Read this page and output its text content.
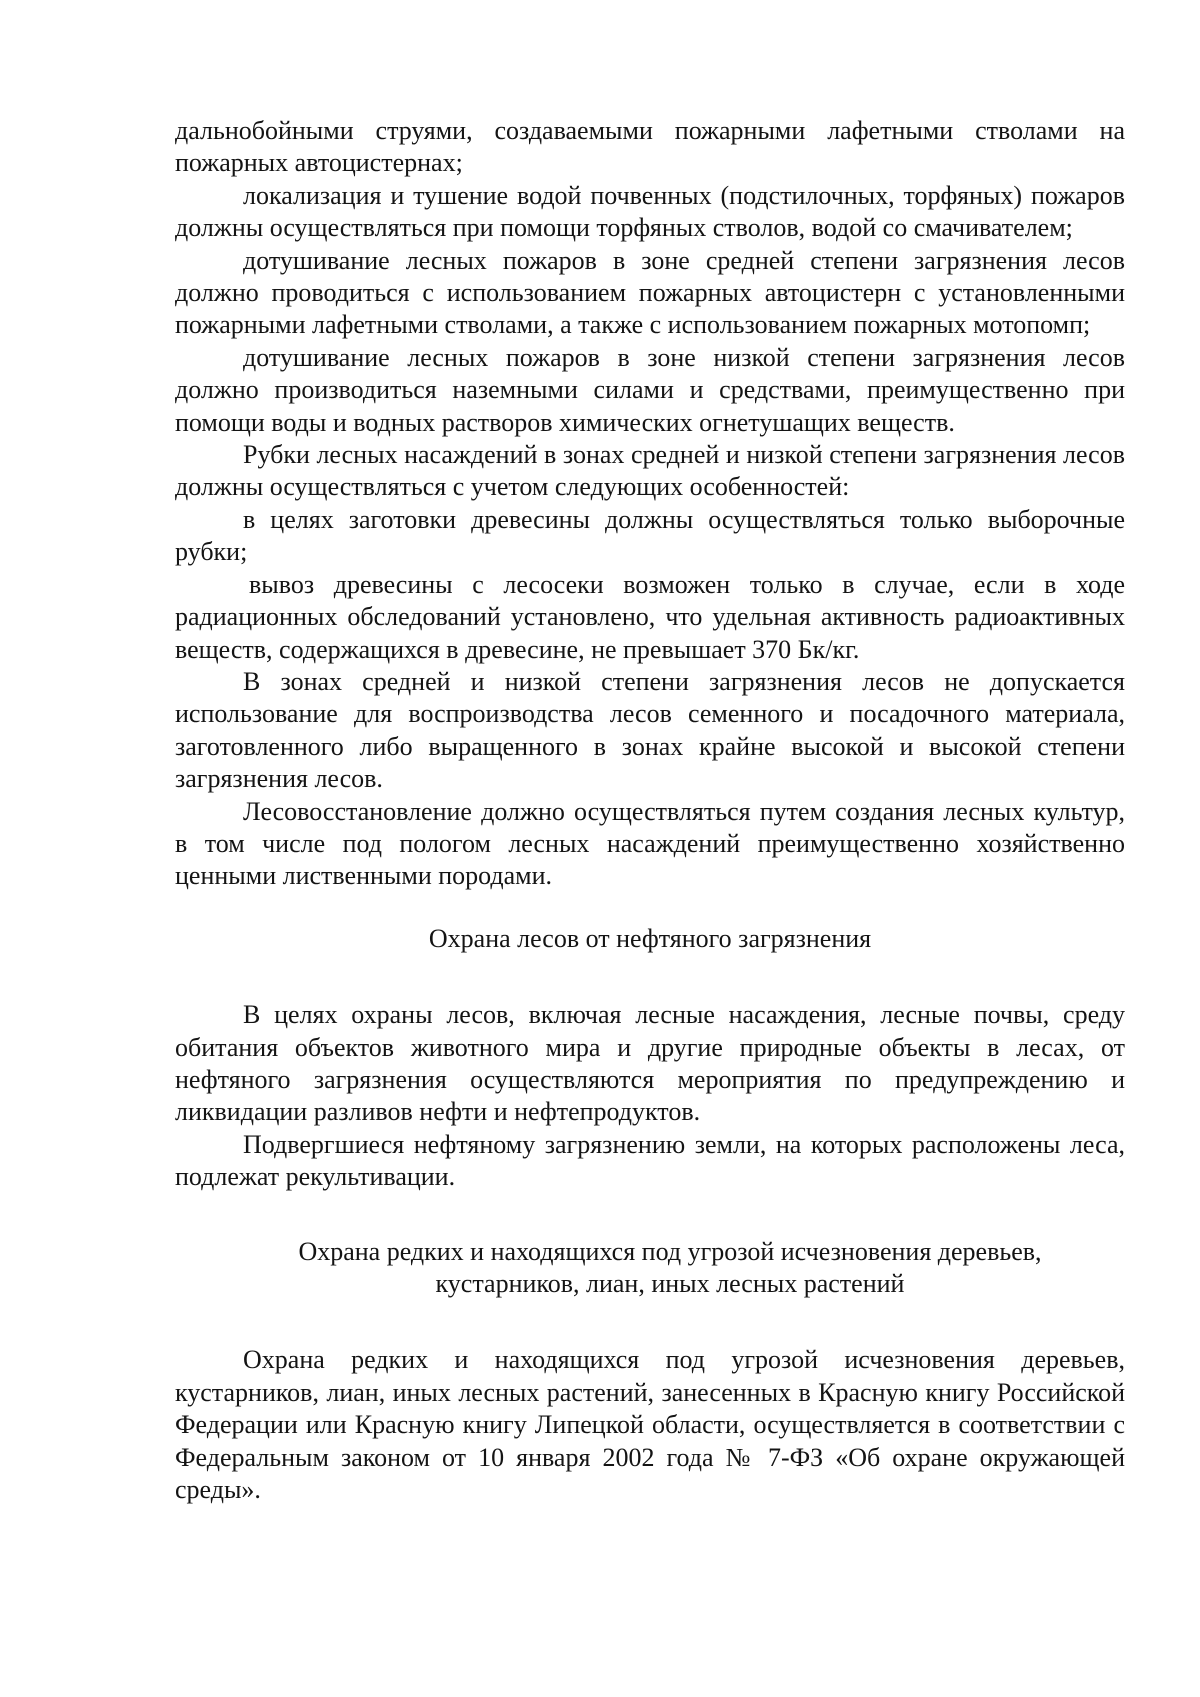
дальнобойными струями, создаваемыми пожарными лафетными стволами на пожарных автоцистернах;

локализация и тушение водой почвенных (подстилочных, торфяных) пожаров должны осуществляться при помощи торфяных стволов, водой со смачивателем;

дотушивание лесных пожаров в зоне средней степени загрязнения лесов должно проводиться с использованием пожарных автоцистерн с установленными пожарными лафетными стволами, а также с использованием пожарных мотопомп;

дотушивание лесных пожаров в зоне низкой степени загрязнения лесов должно производиться наземными силами и средствами, преимущественно при помощи воды и водных растворов химических огнетушащих веществ.

Рубки лесных насаждений в зонах средней и низкой степени загрязнения лесов должны осуществляться с учетом следующих особенностей:

в целях заготовки древесины должны осуществляться только выборочные рубки;

вывоз древесины с лесосеки возможен только в случае, если в ходе радиационных обследований установлено, что удельная активность радиоактивных веществ, содержащихся в древесине, не превышает 370 Бк/кг.

В зонах средней и низкой степени загрязнения лесов не допускается использование для воспроизводства лесов семенного и посадочного материала, заготовленного либо выращенного в зонах крайне высокой и высокой степени загрязнения лесов.

Лесовосстановление должно осуществляться путем создания лесных культур, в том числе под пологом лесных насаждений преимущественно хозяйственно ценными лиственными породами.

Охрана лесов от нефтяного загрязнения

В целях охраны лесов, включая лесные насаждения, лесные почвы, среду обитания объектов животного мира и другие природные объекты в лесах, от нефтяного загрязнения осуществляются мероприятия по предупреждению и ликвидации разливов нефти и нефтепродуктов.

Подвергшиеся нефтяному загрязнению земли, на которых расположены леса, подлежат рекультивации.

Охрана редких и находящихся под угрозой исчезновения деревьев,
кустарников, лиан, иных лесных растений

Охрана редких и находящихся под угрозой исчезновения деревьев, кустарников, лиан, иных лесных растений, занесенных в Красную книгу Российской Федерации или Красную книгу Липецкой области, осуществляется в соответствии с Федеральным законом от 10 января 2002 года № 7-ФЗ «Об охране окружающей среды».
